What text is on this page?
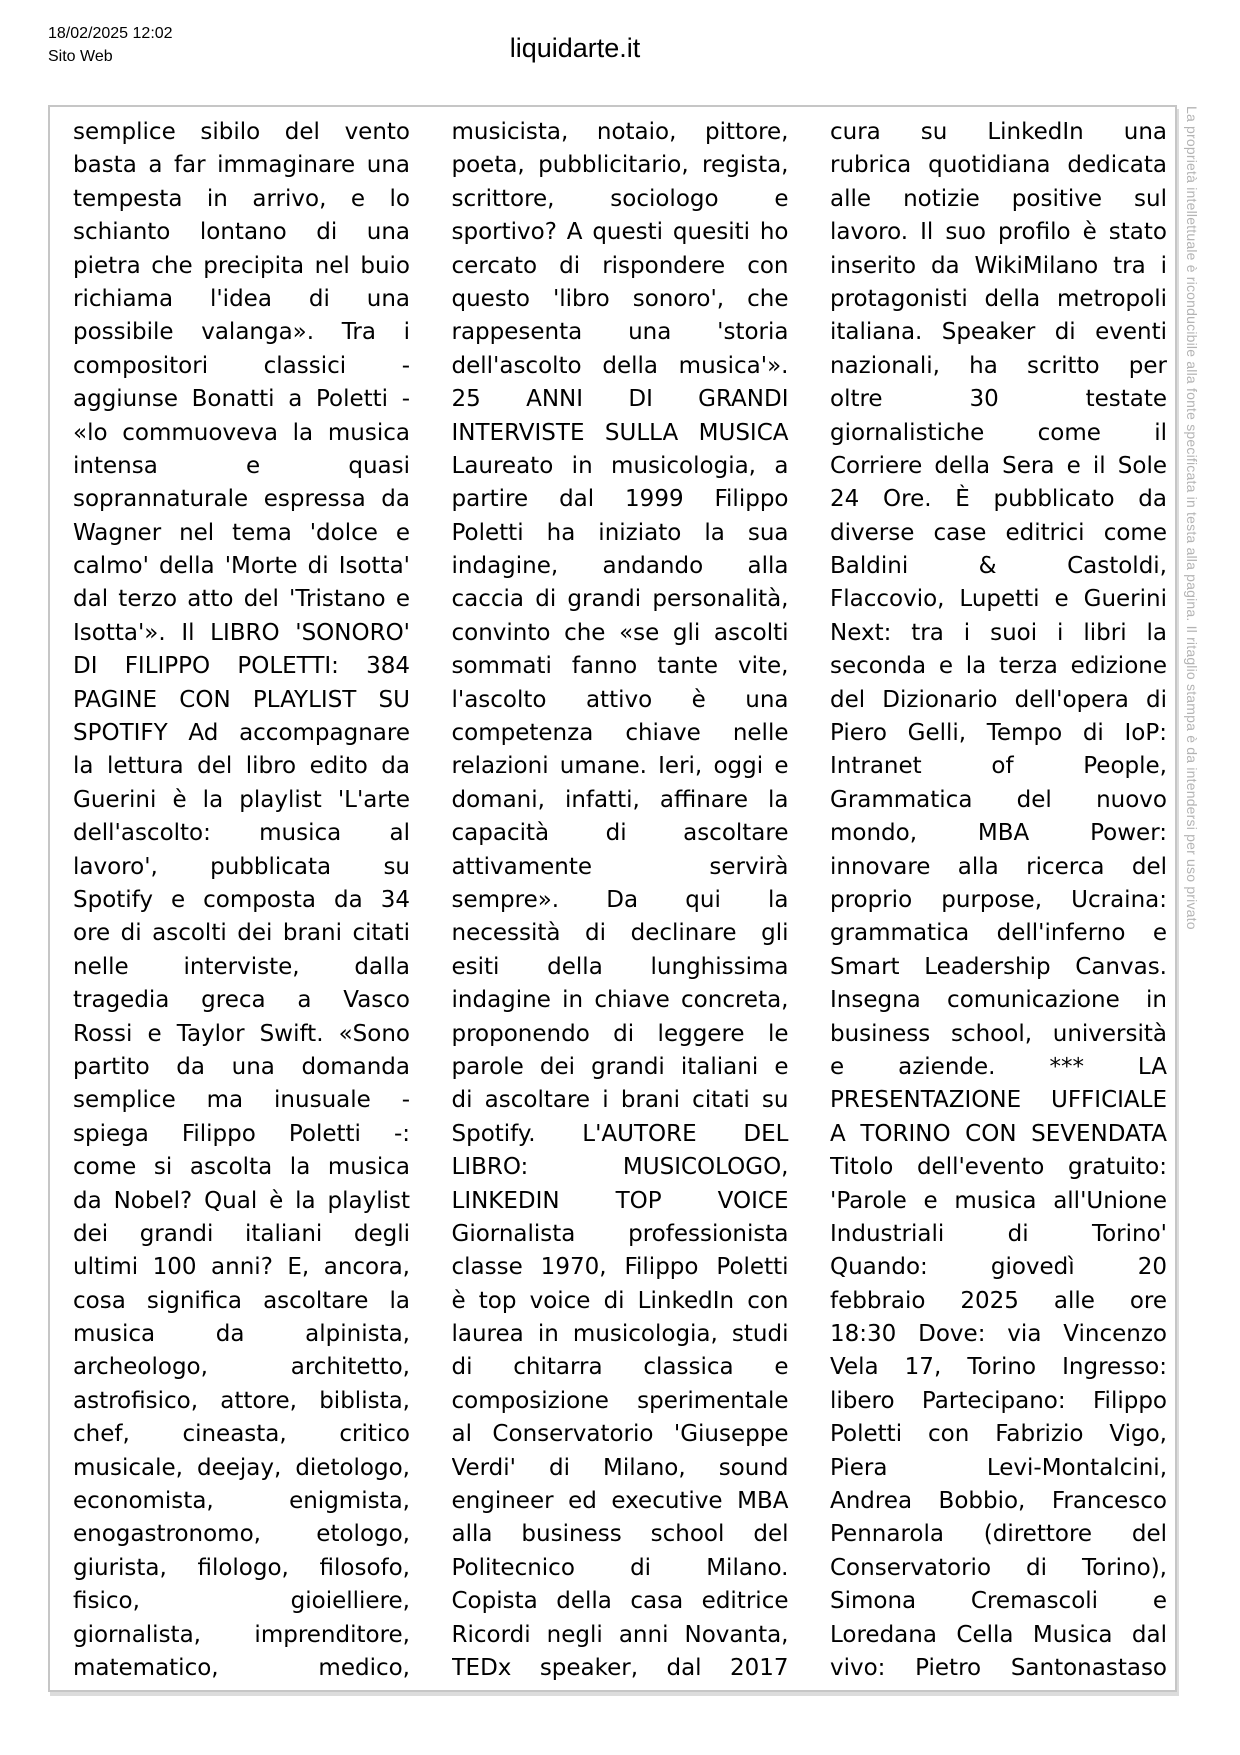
18/02/2025 12:02
Sito Web	liquidarte.it
semplice sibilo del vento
basta a far immaginare una
tempesta in arrivo, e lo
schianto lontano di una
pietra che precipita nel buio
richiama l'idea di una
possibile valanga». Tra i
compositori classici -
aggiunse Bonatti a Poletti -
«lo commuoveva la musica
intensa e quasi
soprannaturale espressa da
Wagner nel tema 'dolce e
calmo' della 'Morte di Isotta'
dal terzo atto del 'Tristano e
Isotta'». Il LIBRO 'SONORO'
DI FILIPPO POLETTI: 384
PAGINE CON PLAYLIST SU
SPOTIFY Ad accompagnare
la lettura del libro edito da
Guerini è la playlist 'L'arte
dell'ascolto: musica al
lavoro', pubblicata su
Spotify e composta da 34
ore di ascolti dei brani citati
nelle interviste, dalla
tragedia greca a Vasco
Rossi e Taylor Swift. «Sono
partito da una domanda
semplice ma inusuale -
spiega Filippo Poletti -:
come si ascolta la musica
da Nobel? Qual è la playlist
dei grandi italiani degli
ultimi 100 anni? E, ancora,
cosa significa ascoltare la
musica da alpinista,
archeologo, architetto,
astrofisico, attore, biblista,
chef, cineasta, critico
musicale, deejay, dietologo,
economista, enigmista,
enogastronomo, etologo,
giurista, filologo, filosofo,
fisico, gioielliere,
giornalista, imprenditore,
matematico, medico,
musicista, notaio, pittore,
poeta, pubblicitario, regista,
scrittore, sociologo e
sportivo? A questi quesiti ho
cercato di rispondere con
questo 'libro sonoro', che
rappesenta una 'storia
dell'ascolto della musica'».
25 ANNI DI GRANDI
INTERVISTE SULLA MUSICA
Laureato in musicologia, a
partire dal 1999 Filippo
Poletti ha iniziato la sua
indagine, andando alla
caccia di grandi personalità,
convinto che «se gli ascolti
sommati fanno tante vite,
l'ascolto attivo è una
competenza chiave nelle
relazioni umane. Ieri, oggi e
domani, infatti, affinare la
capacità di ascoltare
attivamente servirà
sempre». Da qui la
necessità di declinare gli
esiti della lunghissima
indagine in chiave concreta,
proponendo di leggere le
parole dei grandi italiani e
di ascoltare i brani citati su
Spotify. L'AUTORE DEL
LIBRO: MUSICOLOGO,
LINKEDIN TOP VOICE
Giornalista professionista
classe 1970, Filippo Poletti
è top voice di LinkedIn con
laurea in musicologia, studi
di chitarra classica e
composizione sperimentale
al Conservatorio 'Giuseppe
Verdi' di Milano, sound
engineer ed executive MBA
alla business school del
Politecnico di Milano.
Copista della casa editrice
Ricordi negli anni Novanta,
TEDx speaker, dal 2017
cura su LinkedIn una
rubrica quotidiana dedicata
alle notizie positive sul
lavoro. Il suo profilo è stato
inserito da WikiMilano tra i
protagonisti della metropoli
italiana. Speaker di eventi
nazionali, ha scritto per
oltre 30 testate
giornalistiche come il
Corriere della Sera e il Sole
24 Ore. È pubblicato da
diverse case editrici come
Baldini & Castoldi,
Flaccovio, Lupetti e Guerini
Next: tra i suoi i libri la
seconda e la terza edizione
del Dizionario dell'opera di
Piero Gelli, Tempo di IoP:
Intranet of People,
Grammatica del nuovo
mondo, MBA Power:
innovare alla ricerca del
proprio purpose, Ucraina:
grammatica dell'inferno e
Smart Leadership Canvas.
Insegna comunicazione in
business school, università
e aziende. *** LA
PRESENTAZIONE UFFICIALE
A TORINO CON SEVENDATA
Titolo dell'evento gratuito:
'Parole e musica all'Unione
Industriali di Torino'
Quando: giovedì 20
febbraio 2025 alle ore
18:30 Dove: via Vincenzo
Vela 17, Torino Ingresso:
libero Partecipano: Filippo
Poletti con Fabrizio Vigo,
Piera Levi-Montalcini,
Andrea Bobbio, Francesco
Pennarola (direttore del
Conservatorio di Torino),
Simona Cremascoli e
Loredana Cella Musica dal
vivo: Pietro Santonastaso
La proprietà intellettuale è riconducibile alla fonte specificata in testa alla pagina. Il ritaglio stampa è da intendersi per uso privato
